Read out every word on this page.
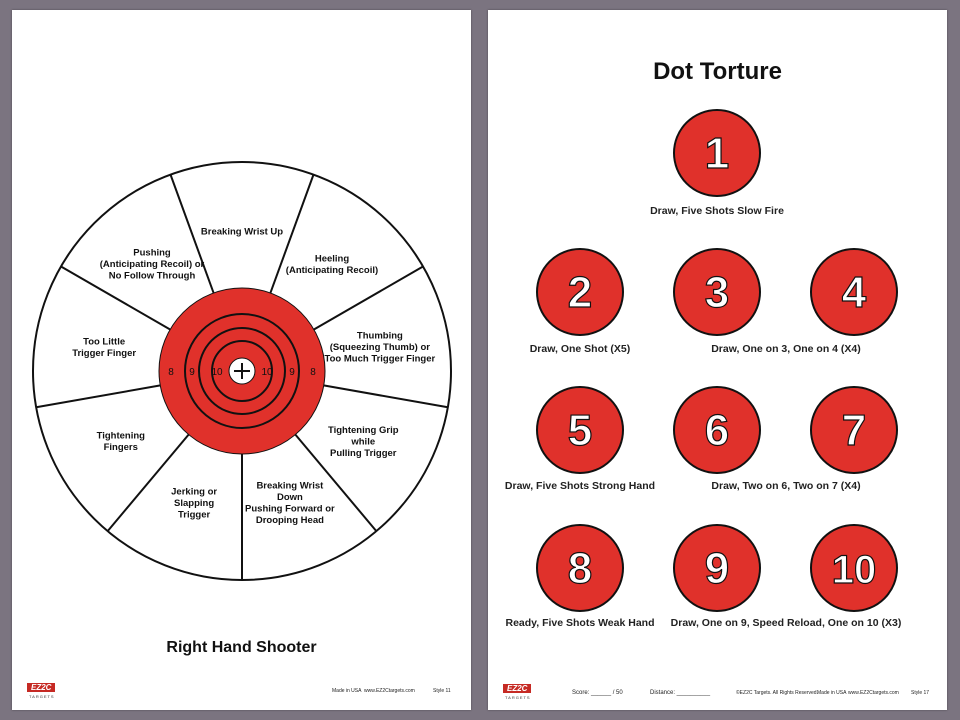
Breaking Wrist Up
Heeling (Anticipating Recoil)
Thumbing (Squeezing Thumb) or Too Much Trigger Finger
Tightening Grip while Pulling Trigger
Breaking Wrist Down Pushing Forward or Drooping Head
Jerking or Slapping Trigger
Tightening Fingers
Too Little Trigger Finger
Pushing (Anticipating Recoil) or No Follow Through
8 9 10	10 9 8
Right Hand Shooter
EZ2C
TARGETS
Made in USA www.EZ2Ctargets.com	Style 11
Dot Torture
1
2	3	4
5	6	7
8	9	10
Draw, Five Shots Slow Fire
Draw, One Shot (X5)	Draw, One on 3, One on 4 (X4)
Draw, Five Shots Strong Hand	Draw, Two on 6, Two on 7 (X4)
Ready, Five Shots Weak Hand Draw, One on 9, Speed Reload, One on 10 (X3)
EZ2C
TARGETS
Score: ______ / 50	Distance: __________	©EZ2C Targets. All Rights Reserved. Made in USA www.EZ2Ctargets.com Style 17
